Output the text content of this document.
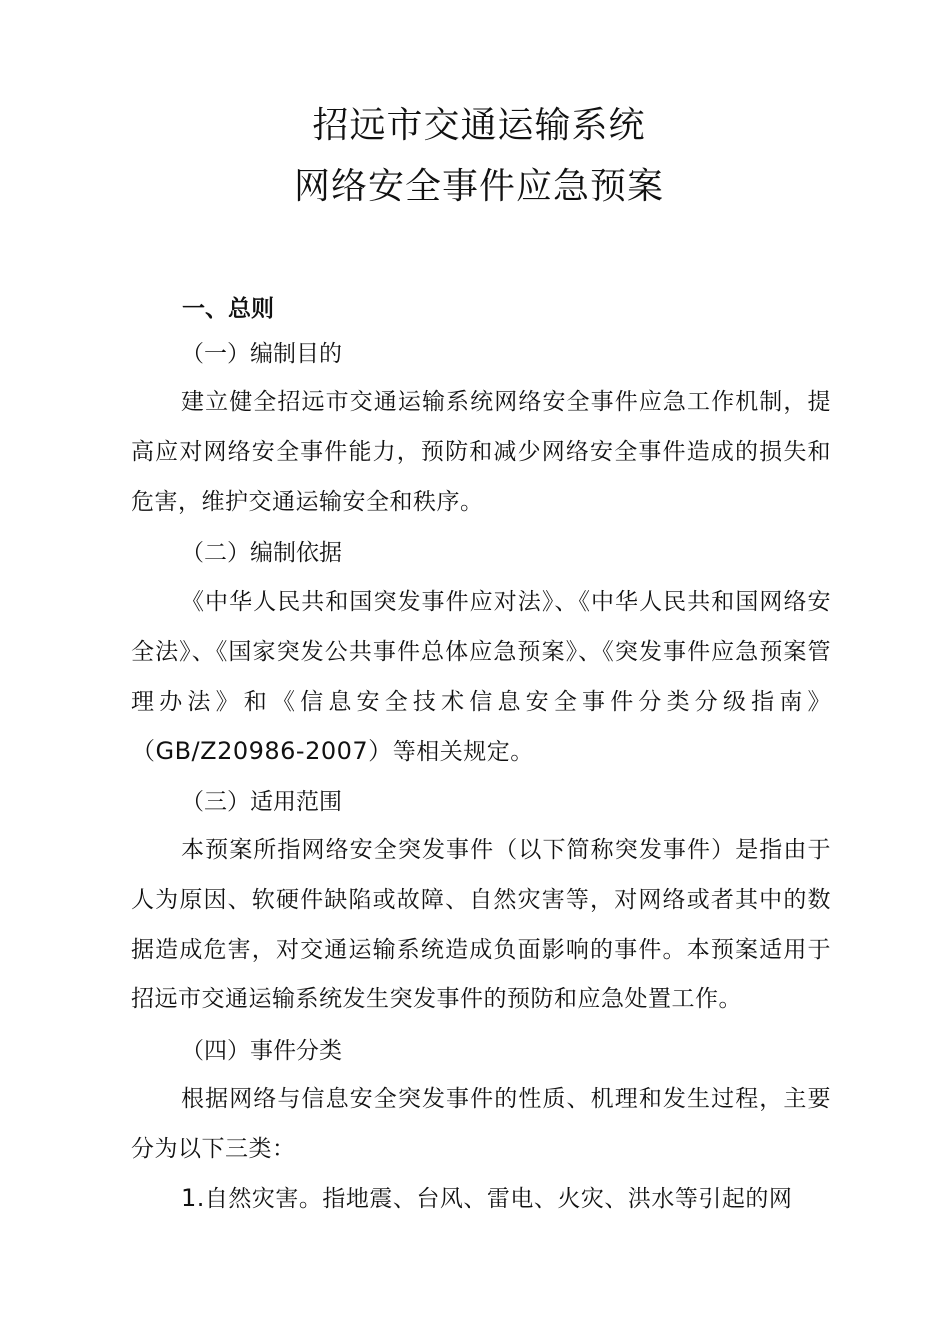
招远市交通运输系统
网络安全事件应急预案
一、总则
（一）编制目的
建立健全招远市交通运输系统网络安全事件应急工作机制，提高应对网络安全事件能力，预防和减少网络安全事件造成的损失和危害，维护交通运输安全和秩序。
（二）编制依据
《中华人民共和国突发事件应对法》、《中华人民共和国网络安全法》、《国家突发公共事件总体应急预案》、《突发事件应急预案管理办法》和《信息安全技术信息安全事件分类分级指南》（GB/Z20986-2007）等相关规定。
（三）适用范围
本预案所指网络安全突发事件（以下简称突发事件）是指由于人为原因、软硬件缺陷或故障、自然灾害等，对网络或者其中的数据造成危害，对交通运输系统造成负面影响的事件。本预案适用于招远市交通运输系统发生突发事件的预防和应急处置工作。
（四）事件分类
根据网络与信息安全突发事件的性质、机理和发生过程，主要分为以下三类：
1.自然灾害。指地震、台风、雷电、火灾、洪水等引起的网
